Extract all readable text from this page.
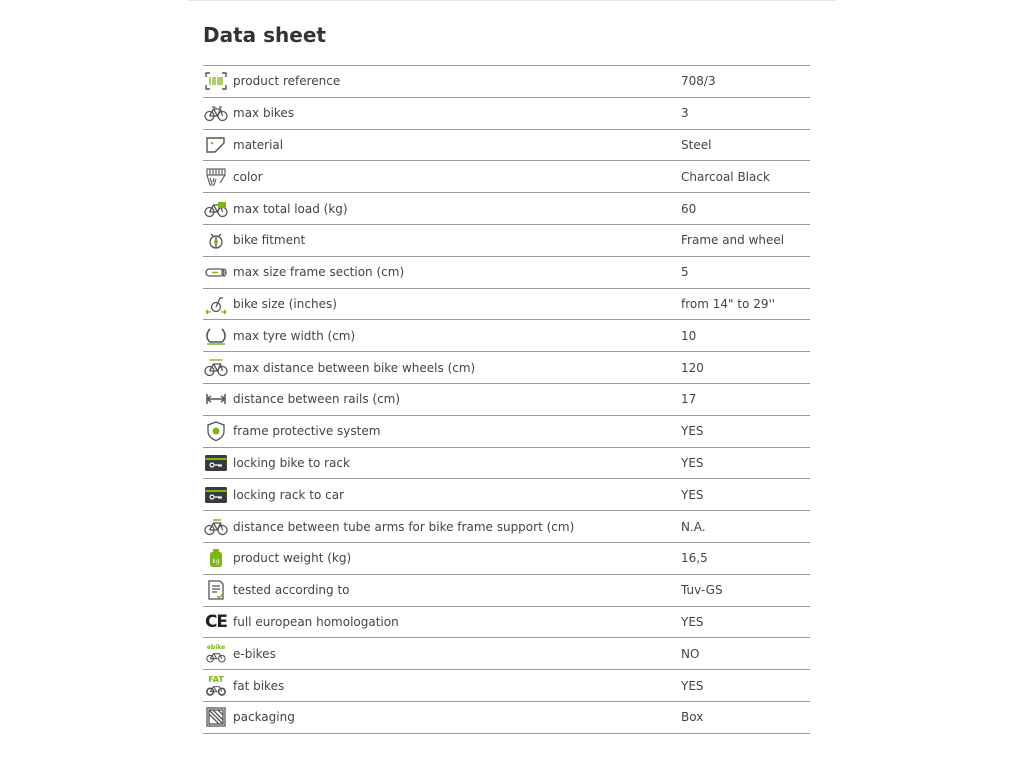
Data sheet
product reference	708/3
max bikes	3
material	Steel
color	Charcoal Black
max total load (kg)	60
bike fitment	Frame and wheel
max size frame section (cm)	5
bike size (inches)	from 14" to 29''
max tyre width (cm)	10
max distance between bike wheels (cm)	120
distance between rails (cm)	17
frame protective system	YES
locking bike to rack	YES
locking rack to car	YES
distance between tube arms for bike frame support (cm)	N.A.
kg product weight (kg)	16,5
tested according to	Tuv-GS
CE full european homologation	YES
ebike e-bikes	NO
FAT fat bikes	YES
packaging	Box
